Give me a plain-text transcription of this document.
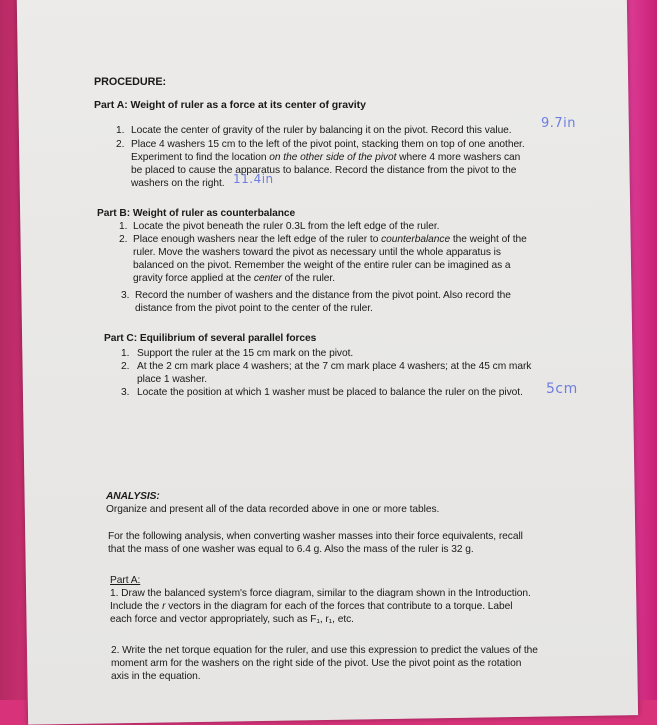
PROCEDURE:
Part A: Weight of ruler as a force at its center of gravity
1. Locate the center of gravity of the ruler by balancing it on the pivot. Record this value. 9.7in
2. Place 4 washers 15 cm to the left of the pivot point, stacking them on top of one another.
Experiment to find the location on the other side of the pivot where 4 more washers can
be placed to cause the apparatus to balance. Record the distance from the pivot to the
washers on the right. 11.4in
Part B: Weight of ruler as counterbalance
1. Locate the pivot beneath the ruler 0.3L from the left edge of the ruler.
2. Place enough washers near the left edge of the ruler to counterbalance the weight of the
ruler. Move the washers toward the pivot as necessary until the whole apparatus is
balanced on the pivot. Remember the weight of the entire ruler can be imagined as a
gravity force applied at the center of the ruler.
3. Record the number of washers and the distance from the pivot point. Also record the
distance from the pivot point to the center of the ruler.
Part C: Equilibrium of several parallel forces
1. Support the ruler at the 15 cm mark on the pivot.
2. At the 2 cm mark place 4 washers; at the 7 cm mark place 4 washers; at the 45 cm mark
place 1 washer.
3. Locate the position at which 1 washer must be placed to balance the ruler on the pivot. 5cm
ANALYSIS:
Organize and present all of the data recorded above in one or more tables.
For the following analysis, when converting washer masses into their force equivalents, recall
that the mass of one washer was equal to 6.4 g. Also the mass of the ruler is 32 g.
Part A:
1. Draw the balanced system's force diagram, similar to the diagram shown in the Introduction.
Include the r vectors in the diagram for each of the forces that contribute to a torque. Label
each force and vector appropriately, such as F₁, r₁, etc.
2. Write the net torque equation for the ruler, and use this expression to predict the values of the
moment arm for the washers on the right side of the pivot. Use the pivot point as the rotation
axis in the equation.
